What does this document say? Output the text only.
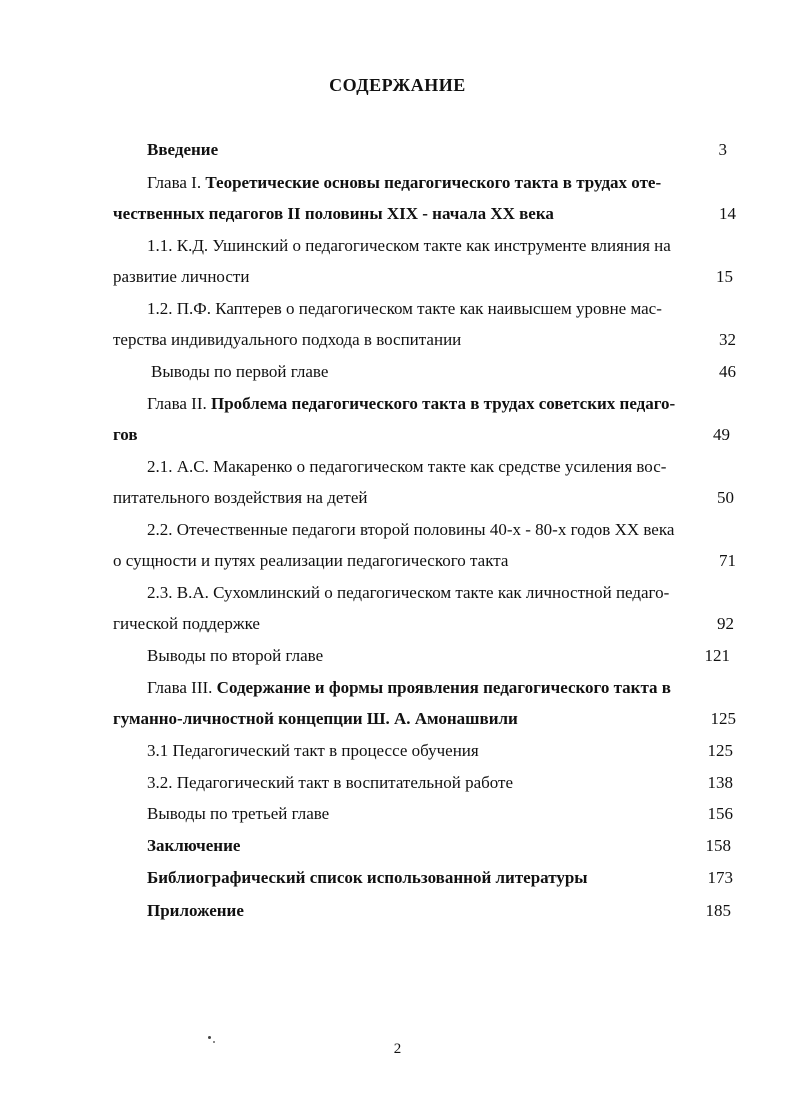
СОДЕРЖАНИЕ
Введение	3
Глава I. Теоретические основы педагогического такта в трудах оте-
чественных педагогов II половины XIX - начала XX века	14
1.1. К.Д. Ушинский о педагогическом такте как инструменте влияния на
развитие личности	15
1.2. П.Ф. Каптерев о педагогическом такте как наивысшем уровне мас-
терства индивидуального подхода в воспитании	32
Выводы по первой главе	46
Глава II. Проблема педагогического такта в трудах советских педаго-
гов	49
2.1. А.С. Макаренко о педагогическом такте как средстве усиления вос-
питательного воздействия на детей	50
2.2. Отечественные педагоги второй половины 40-х - 80-х годов XX века
о сущности и путях реализации педагогического такта	71
2.3. В.А. Сухомлинский о педагогическом такте как личностной педаго-
гической поддержке	92
Выводы по второй главе	121
Глава III. Содержание и формы проявления педагогического такта в
гуманно-личностной концепции Ш. А. Амонашвили	125
3.1 Педагогический такт в процессе обучения	125
3.2. Педагогический такт в воспитательной работе	138
Выводы по третьей главе	156
Заключение	158
Библиографический список использованной литературы	173
Приложение	185
2
